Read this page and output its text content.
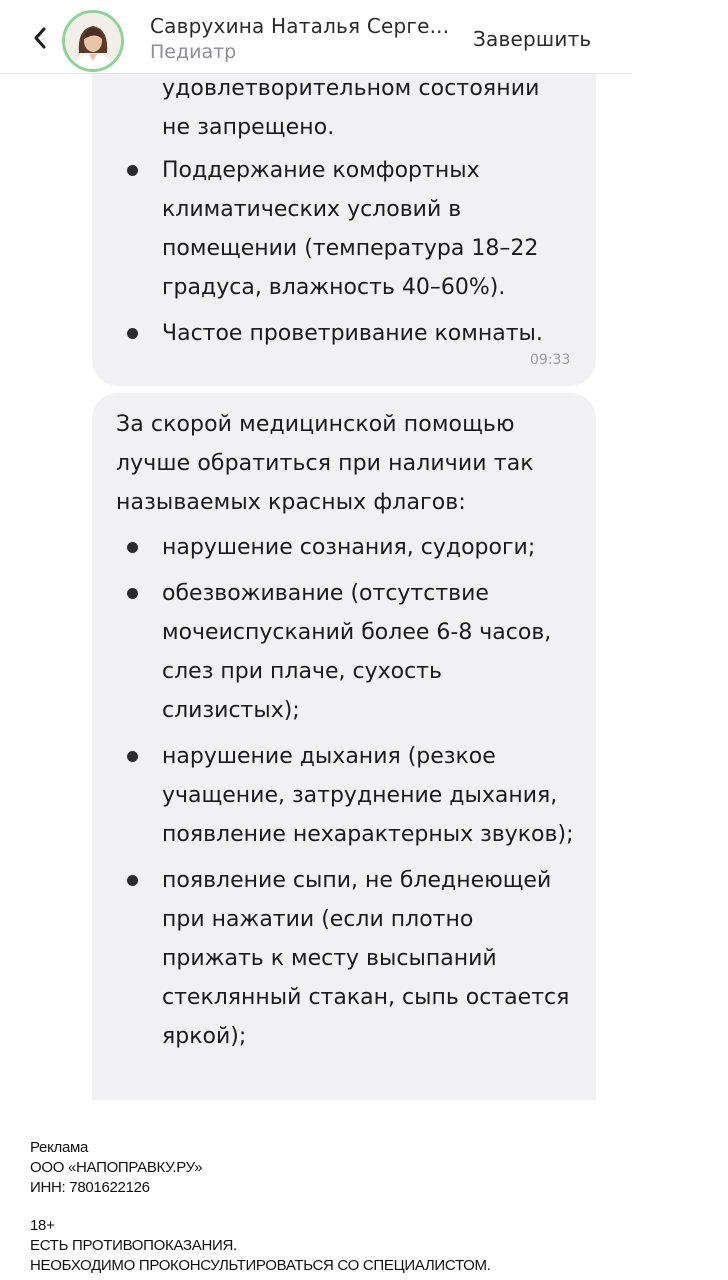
удовлетворительном состоянии
не запрещено.
Поддержание комфортных климатических условий в помещении (температура 18–22 градуса, влажность 40–60%).
Частое проветривание комнаты.
09:33
За скорой медицинской помощью лучше обратиться при наличии так называемых красных флагов:
нарушение сознания, судороги;
обезвоживание (отсутствие мочеиспусканий более 6-8 часов, слез при плаче, сухость слизистых);
нарушение дыхания (резкое учащение, затруднение дыхания, появление нехарактерных звуков);
появление сыпи, не бледнеющей при нажатии (если плотно прижать к месту высыпаний стеклянный стакан, сыпь остается яркой);
Саврухина Наталья Серге...
Педиатр
Завершить
Реклама
ООО «НАПОПРАВКУ.РУ»
ИНН: 7801622126
18+
ЕСТЬ ПРОТИВОПОКАЗАНИЯ.
НЕОБХОДИМО ПРОКОНСУЛЬТИРОВАТЬСЯ СО СПЕЦИАЛИСТОМ.
